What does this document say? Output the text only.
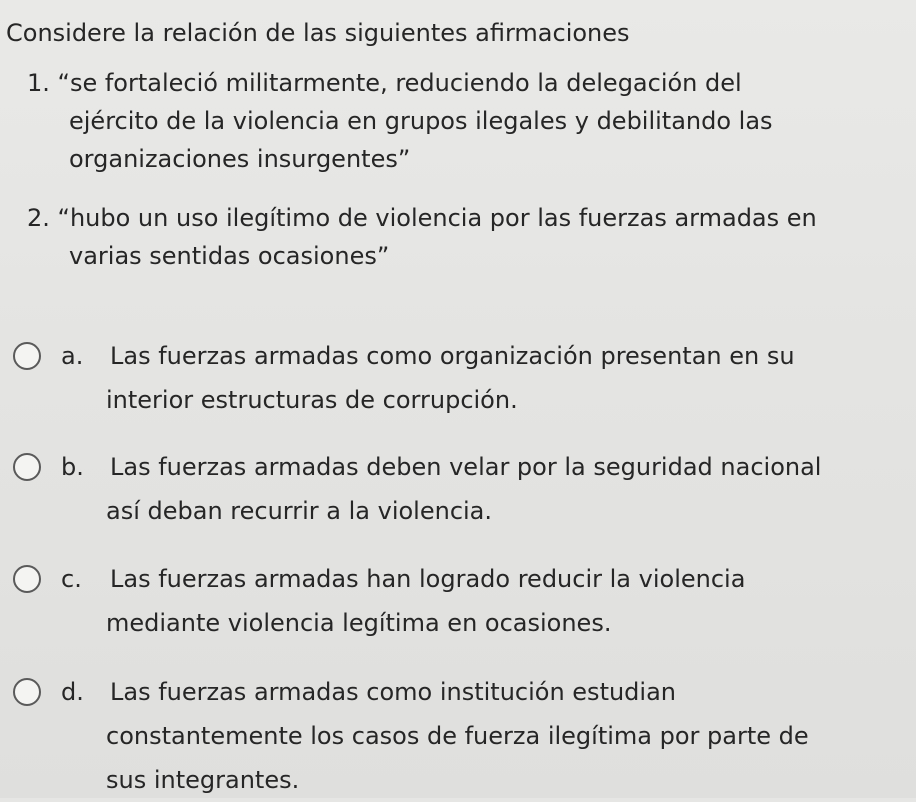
Considere la relación de las siguientes afirmaciones
1. “se fortaleció militarmente, reduciendo la delegación del
ejército de la violencia en grupos ilegales y debilitando las
organizaciones insurgentes”
2. “hubo un uso ilegítimo de violencia por las fuerzas armadas en
varias sentidas ocasiones”
a. Las fuerzas armadas como organización presentan en su
interior estructuras de corrupción.
b. Las fuerzas armadas deben velar por la seguridad nacional
así deban recurrir a la violencia.
c. Las fuerzas armadas han logrado reducir la violencia
mediante violencia legítima en ocasiones.
d. Las fuerzas armadas como institución estudian
constantemente los casos de fuerza ilegítima por parte de
sus integrantes.
